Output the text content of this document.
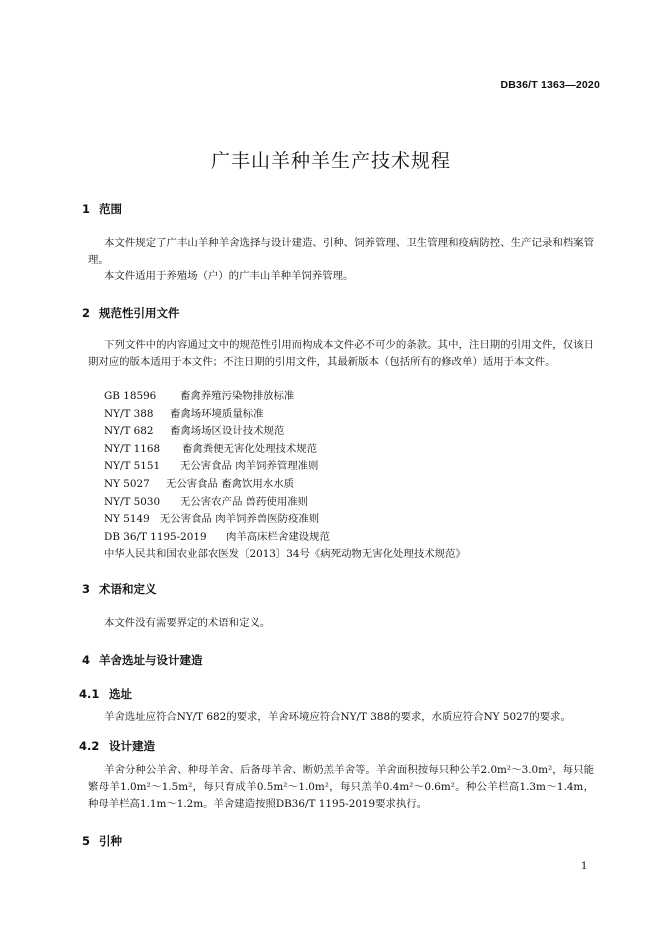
DB36/T 1363—2020
广丰山羊种羊生产技术规程
1 范围
本文件规定了广丰山羊种羊舍选择与设计建造、引种、饲养管理、卫生管理和疫病防控、生产记录和档案管理。
本文件适用于养殖场（户）的广丰山羊种羊饲养管理。
2 规范性引用文件
下列文件中的内容通过文中的规范性引用而构成本文件必不可少的条款。其中，注日期的引用文件，仅该日期对应的版本适用于本文件；不注日期的引用文件，其最新版本（包括所有的修改单）适用于本文件。
GB 18596 畜禽养殖污染物排放标准
NY/T 388 畜禽场环境质量标准
NY/T 682 畜禽场场区设计技术规范
NY/T 1168 畜禽粪便无害化处理技术规范
NY/T 5151 无公害食品 肉羊饲养管理准则
NY 5027 无公害食品 畜禽饮用水水质
NY/T 5030 无公害农产品 兽药使用准则
NY 5149 无公害食品 肉羊饲养兽医防疫准则
DB 36/T 1195-2019 肉羊高床栏舍建设规范
中华人民共和国农业部农医发〔2013〕34号《病死动物无害化处理技术规范》
3 术语和定义
本文件没有需要界定的术语和定义。
4 羊舍选址与设计建造
4.1 选址
羊舍选址应符合NY/T 682的要求，羊舍环境应符合NY/T 388的要求，水质应符合NY 5027的要求。
4.2 设计建造
羊舍分种公羊舍、种母羊舍、后备母羊舍、断奶羔羊舍等。羊舍面积按每只种公羊2.0m²～3.0m²，每只能繁母羊1.0m²～1.5m²，每只育成羊0.5m²～1.0m²，每只羔羊0.4m²～0.6m²。种公羊栏高1.3m～1.4m，种母羊栏高1.1m～1.2m。羊舍建造按照DB36/T 1195-2019要求执行。
5 引种
1
